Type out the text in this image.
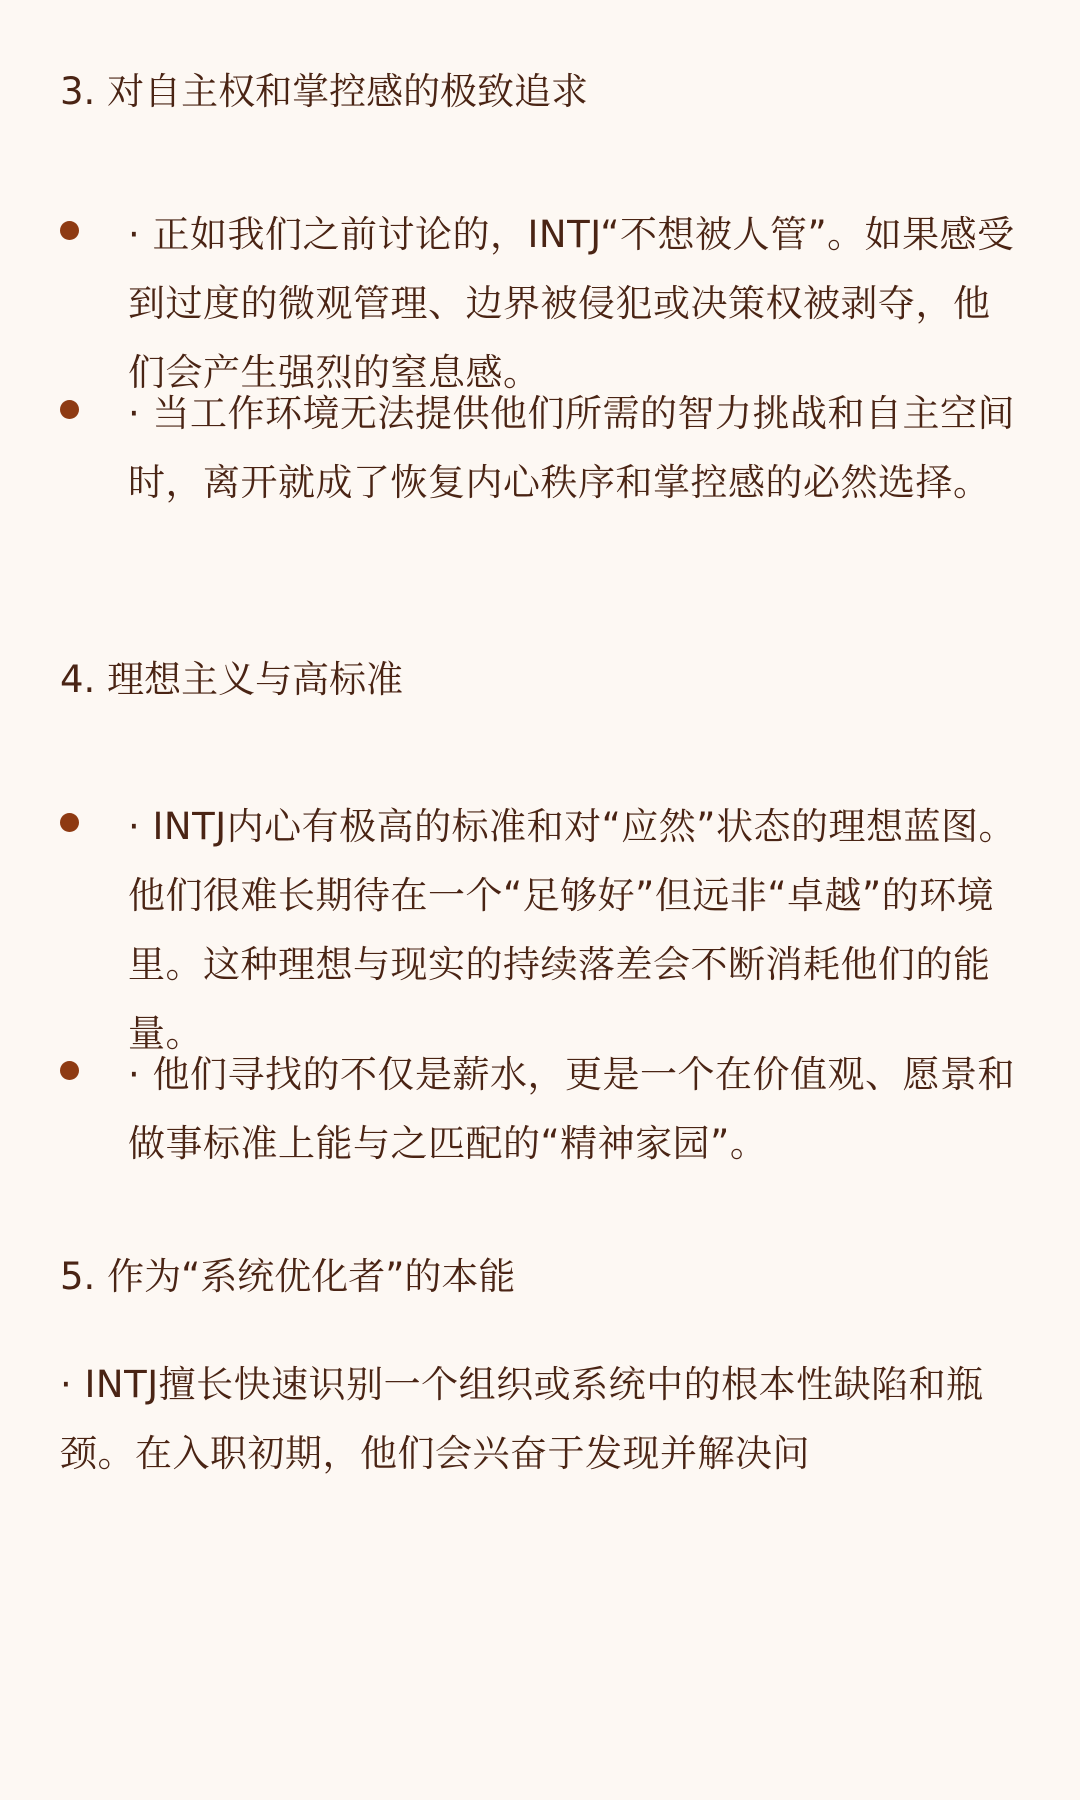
3. 对自主权和掌控感的极致追求
· 正如我们之前讨论的，INTJ“不想被人管”。如果感受到过度的微观管理、边界被侵犯或决策权被剥夺，他们会产生强烈的窒息感。
· 当工作环境无法提供他们所需的智力挑战和自主空间时，离开就成了恢复内心秩序和掌控感的必然选择。
4. 理想主义与高标准
· INTJ内心有极高的标准和对“应然”状态的理想蓝图。他们很难长期待在一个“足够好”但远非“卓越”的环境里。这种理想与现实的持续落差会不断消耗他们的能量。
· 他们寻找的不仅是薪水，更是一个在价值观、愿景和做事标准上能与之匹配的“精神家园”。
5. 作为“系统优化者”的本能
· INTJ擅长快速识别一个组织或系统中的根本性缺陷和瓶颈。在入职初期，他们会兴奋于发现并解决问
